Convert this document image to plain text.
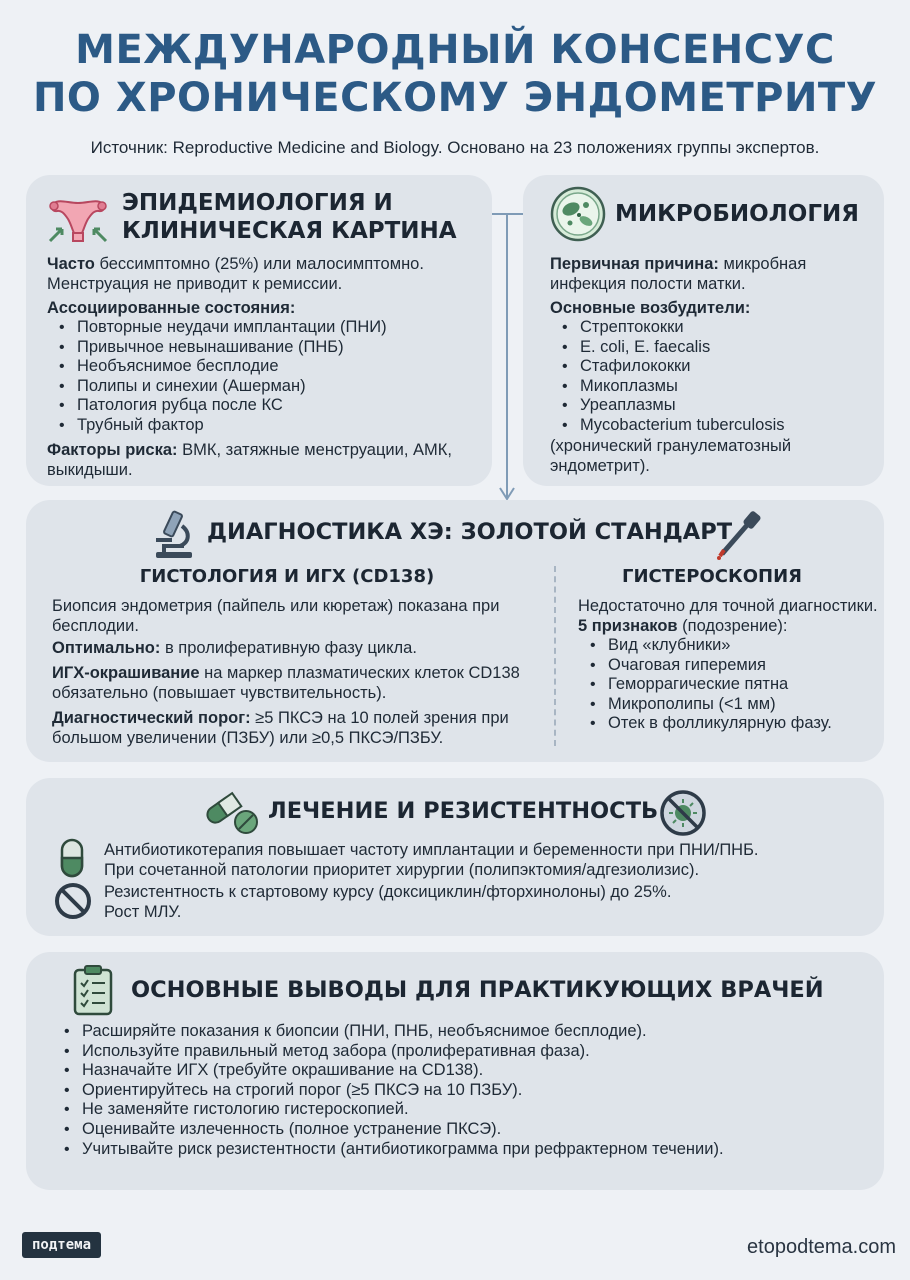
МЕЖДУНАРОДНЫЙ КОНСЕНСУС
ПО ХРОНИЧЕСКОМУ ЭНДОМЕТРИТУ
Источник: Reproductive Medicine and Biology. Основано на 23 положениях группы экспертов.
ЭПИДЕМИОЛОГИЯ И
КЛИНИЧЕСКАЯ КАРТИНА

Часто бессимптомно (25%) или малосимптомно. Менструация не приводит к ремиссии.

Ассоциированные состояния:

• Повторные неудачи имплантации (ПНИ)
• Привычное невынашивание (ПНБ)
• Необъяснимое бесплодие
• Полипы и синехии (Ашерман)
• Патология рубца после КС
• Трубный фактор

Факторы риска: ВМК, затяжные менструации, АМК, выкидыши.

МИКРОБИОЛОГИЯ

Первичная причина: микробная инфекция полости матки.

Основные возбудители:

• Стрептококки
• E. coli, E. faecalis
• Стафилококки
• Микоплазмы
• Уреаплазмы
• Mycobacterium tuberculosis

(хронический гранулематозный эндометрит).

ДИАГНОСТИКА ХЭ: ЗОЛОТОЙ СТАНДАРТ
ГИСТОЛОГИЯ И ИГХ (CD138)

Биопсия эндометрия (пайпель или кюретаж) показана при бесплодии.

Оптимально: в пролиферативную фазу цикла.

ИГХ-окрашивание на маркер плазматических клеток CD138 обязательно (повышает чувствительность).

Диагностический порог: ≥5 ПКСЭ на 10 полей зрения при большом увеличении (ПЗБУ) или ≥0,5 ПКСЭ/ПЗБУ.

ГИСТЕРОСКОПИЯ

Недостаточно для точной диагностики.

5 признаков (подозрение):

• Вид «клубники»
• Очаговая гиперемия
• Геморрагические пятна
• Микрополипы (<1 мм)
• Отек в фолликулярную фазу.
ЛЕЧЕНИЕ И РЕЗИСТЕНТНОСТЬ

Антибиотикотерапия повышает частоту имплантации и беременности при ПНИ/ПНБ.

При сочетанной патологии приоритет хирургии (полипэктомия/адгезиолизис).

Резистентность к стартовому курсу (доксициклин/фторхинолоны) до 25%.

Рост МЛУ.

ОСНОВНЫЕ ВЫВОДЫ ДЛЯ ПРАКТИКУЮЩИХ ВРАЧЕЙ
• Расширяйте показания к биопсии (ПНИ, ПНБ, необъяснимое бесплодие).
• Используйте правильный метод забора (пролиферативная фаза).
• Назначайте ИГХ (требуйте окрашивание на CD138).
• Ориентируйтесь на строгий порог (≥5 ПКСЭ на 10 ПЗБУ).
• Не заменяйте гистологию гистероскопией.
• Оценивайте излеченность (полное устранение ПКСЭ).
• Учитывайте риск резистентности (антибиотикограмма при рефрактерном течении).
подтема	etopodtema.com
